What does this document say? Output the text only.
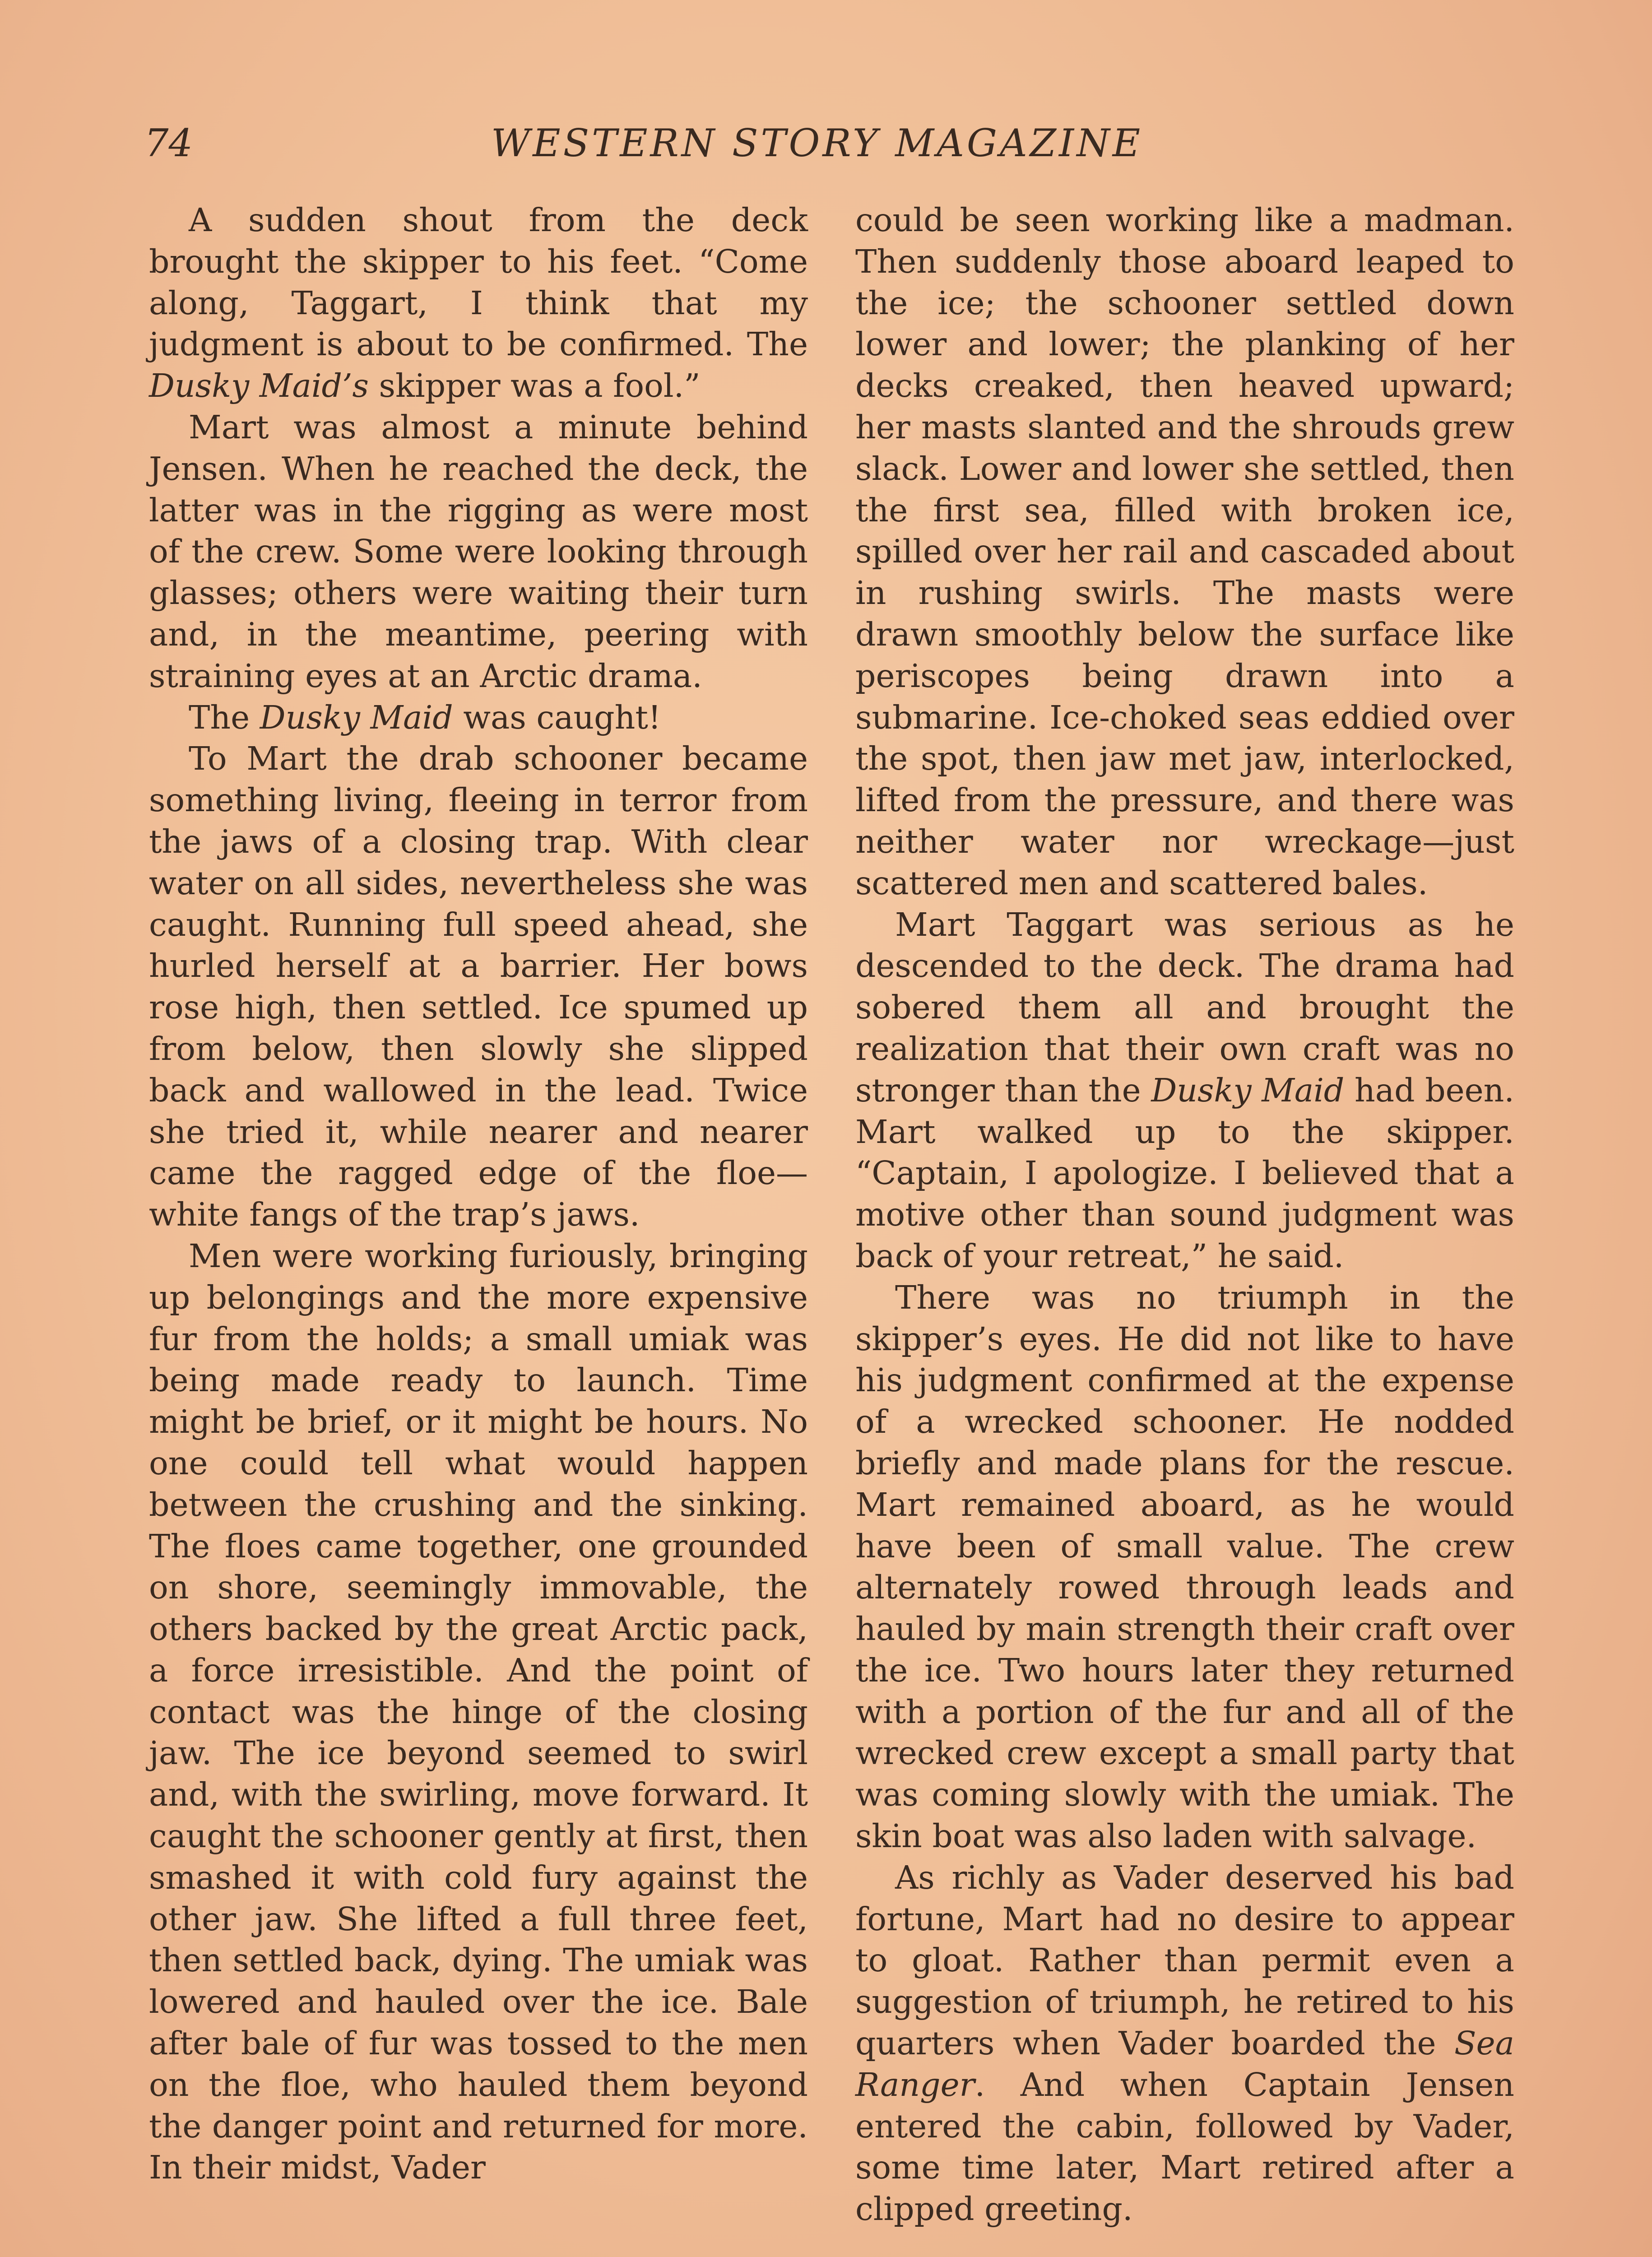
74	WESTERN STORY MAGAZINE

A sudden shout from the deck brought the skipper to his feet. “Come along, Taggart, I think that my judgment is about to be confirmed. The Dusky Maid’s skipper was a fool.”

Mart was almost a minute behind Jensen. When he reached the deck, the latter was in the rigging as were most of the crew. Some were looking through glasses; others were waiting their turn and, in the meantime, peering with straining eyes at an Arctic drama.

The Dusky Maid was caught!

To Mart the drab schooner became something living, fleeing in terror from the jaws of a closing trap. With clear water on all sides, nevertheless she was caught. Running full speed ahead, she hurled herself at a barrier. Her bows rose high, then settled. Ice spumed up from below, then slowly she slipped back and wallowed in the lead. Twice she tried it, while nearer and nearer came the ragged edge of the floe—white fangs of the trap’s jaws.

Men were working furiously, bringing up belongings and the more expensive fur from the holds; a small umiak was being made ready to launch. Time might be brief, or it might be hours. No one could tell what would happen between the crushing and the sinking. The floes came together, one grounded on shore, seemingly immovable, the others backed by the great Arctic pack, a force irresistible. And the point of contact was the hinge of the closing jaw. The ice beyond seemed to swirl and, with the swirling, move forward. It caught the schooner gently at first, then smashed it with cold fury against the other jaw. She lifted a full three feet, then settled back, dying. The umiak was lowered and hauled over the ice. Bale after bale of fur was tossed to the men on the floe, who hauled them beyond the danger point and returned for more. In their midst, Vader

could be seen working like a madman. Then suddenly those aboard leaped to the ice; the schooner settled down lower and lower; the planking of her decks creaked, then heaved upward; her masts slanted and the shrouds grew slack. Lower and lower she settled, then the first sea, filled with broken ice, spilled over her rail and cascaded about in rushing swirls. The masts were drawn smoothly below the surface like periscopes being drawn into a submarine. Ice-choked seas eddied over the spot, then jaw met jaw, interlocked, lifted from the pressure, and there was neither water nor wreckage—just scattered men and scattered bales.

Mart Taggart was serious as he descended to the deck. The drama had sobered them all and brought the realization that their own craft was no stronger than the Dusky Maid had been. Mart walked up to the skipper. “Captain, I apologize. I believed that a motive other than sound judgment was back of your retreat,” he said.

There was no triumph in the skipper’s eyes. He did not like to have his judgment confirmed at the expense of a wrecked schooner. He nodded briefly and made plans for the rescue. Mart remained aboard, as he would have been of small value. The crew alternately rowed through leads and hauled by main strength their craft over the ice. Two hours later they returned with a portion of the fur and all of the wrecked crew except a small party that was coming slowly with the umiak. The skin boat was also laden with salvage.

As richly as Vader deserved his bad fortune, Mart had no desire to appear to gloat. Rather than permit even a suggestion of triumph, he retired to his quarters when Vader boarded the Sea Ranger. And when Captain Jensen entered the cabin, followed by Vader, some time later, Mart retired after a clipped greeting.
